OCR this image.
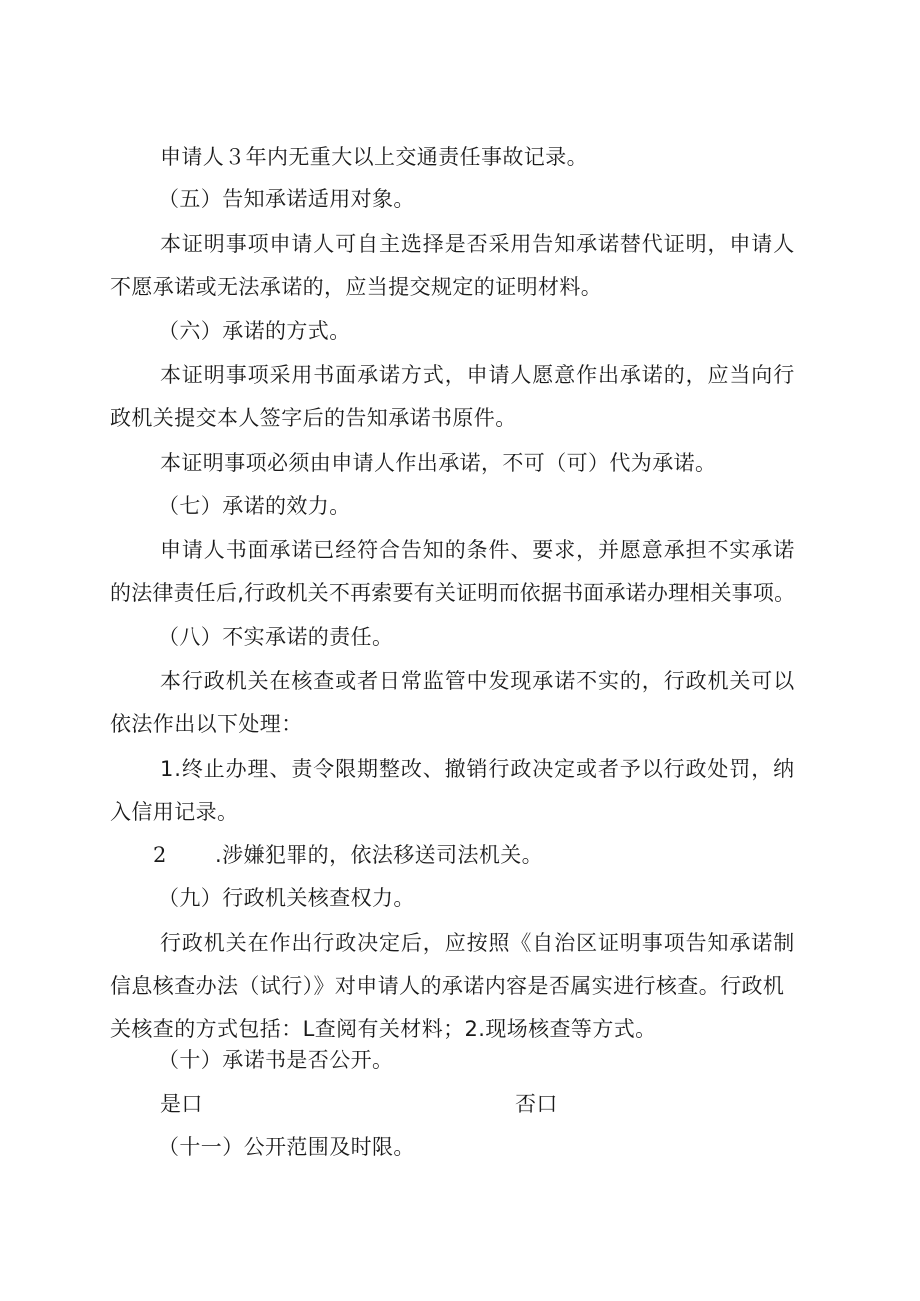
申请人３年内无重大以上交通责任事故记录。
（五）告知承诺适用对象。
本证明事项申请人可自主选择是否采用告知承诺替代证明，申请人
不愿承诺或无法承诺的，应当提交规定的证明材料。
（六）承诺的方式。
本证明事项采用书面承诺方式，申请人愿意作出承诺的，应当向行
政机关提交本人签字后的告知承诺书原件。
本证明事项必须由申请人作出承诺，不可（可）代为承诺。
（七）承诺的效力。
申请人书面承诺已经符合告知的条件、要求，并愿意承担不实承诺
的法律责任后,行政机关不再索要有关证明而依据书面承诺办理相关事项。
（八）不实承诺的责任。
本行政机关在核查或者日常监管中发现承诺不实的，行政机关可以
依法作出以下处理：
1.终止办理、责令限期整改、撤销行政决定或者予以行政处罚，纳
入信用记录。
2 .涉嫌犯罪的，依法移送司法机关。
（九）行政机关核查权力。
行政机关在作出行政决定后，应按照《自治区证明事项告知承诺制
信息核查办法（试行）》对申请人的承诺内容是否属实进行核查。行政机
关核查的方式包括：L查阅有关材料；2.现场核查等方式。
（十）承诺书是否公开。
是口	否口
（十一）公开范围及时限。
